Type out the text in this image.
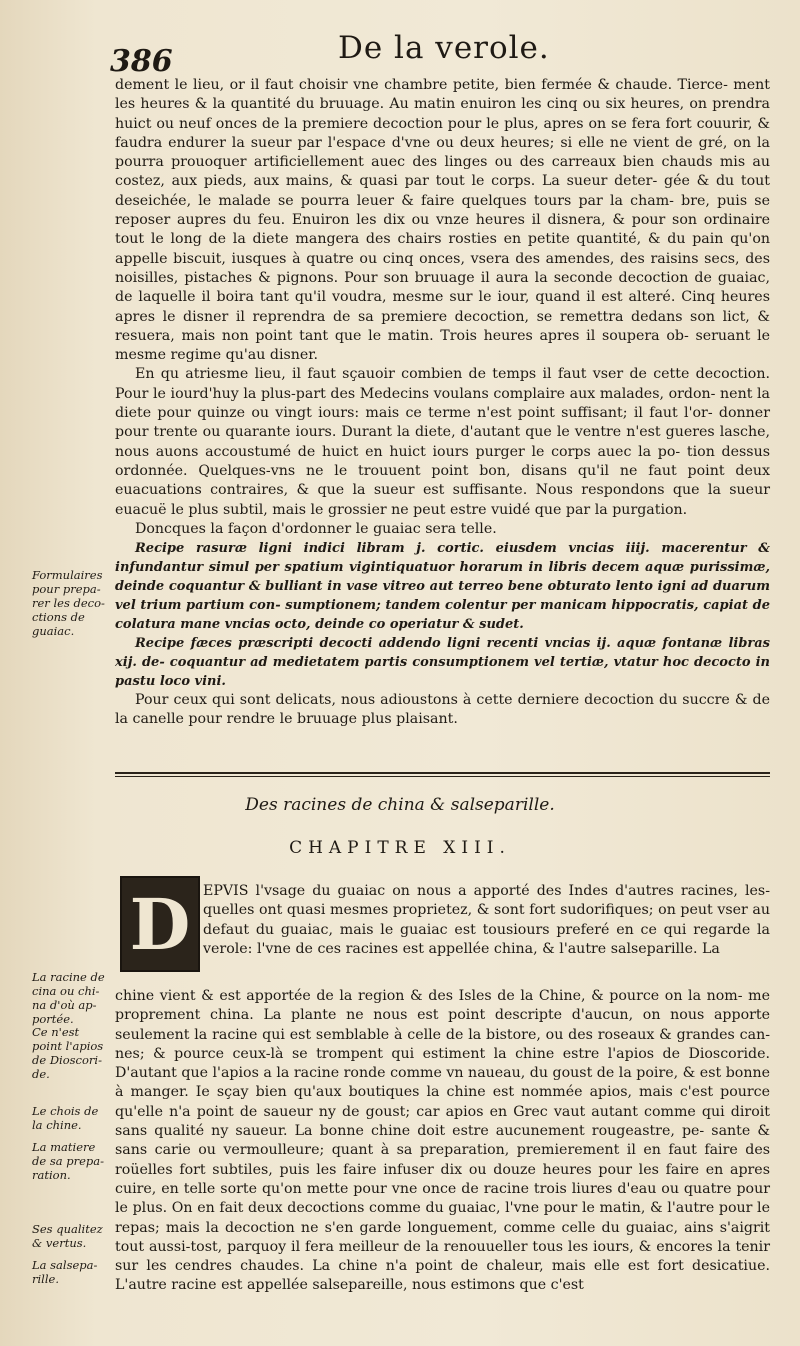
386	De la verole.

dement le lieu, or il faut choisir vne chambre petite, bien fermée & chaude. Tierce- ment les heures & la quantité du bruuage. Au matin enuiron les cinq ou six heures, on prendra huict ou neuf onces de la premiere decoction pour le plus, apres on se fera fort couurir, & faudra endurer la sueur par l'espace d'vne ou deux heures; si elle ne vient de gré, on la pourra prouoquer artificiellement auec des linges ou des carreaux bien chauds mis au costez, aux pieds, aux mains, & quasi par tout le corps. La sueur deter- gée & du tout deseichée, le malade se pourra leuer & faire quelques tours par la cham- bre, puis se reposer aupres du feu. Enuiron les dix ou vnze heures il disnera, & pour son ordinaire tout le long de la diete mangera des chairs rosties en petite quantité, & du pain qu'on appelle biscuit, iusques à quatre ou cinq onces, vsera des amendes, des raisins secs, des noisilles, pistaches & pignons. Pour son bruuage il aura la seconde decoction de guaiac, de laquelle il boira tant qu'il voudra, mesme sur le iour, quand il est alteré. Cinq heures apres le disner il reprendra de sa premiere decoction, se remettra dedans son lict, & resuera, mais non point tant que le matin. Trois heures apres il soupera ob- seruant le mesme regime qu'au disner.

En qu atriesme lieu, il faut sçauoir combien de temps il faut vser de cette decoction. Pour le iourd'huy la plus-part des Medecins voulans complaire aux malades, ordon- nent la diete pour quinze ou vingt iours: mais ce terme n'est point suffisant; il faut l'or- donner pour trente ou quarante iours. Durant la diete, d'autant que le ventre n'est gueres lasche, nous auons accoustumé de huict en huict iours purger le corps auec la po- tion dessus ordonnée. Quelques-vns ne le trouuent point bon, disans qu'il ne faut point deux euacuations contraires, & que la sueur est suffisante. Nous respondons que la sueur euacuë le plus subtil, mais le grossier ne peut estre vuidé que par la purgation.

Doncques la façon d'ordonner le guaiac sera telle.

Recipe rasuræ ligni indici libram j. cortic. eiusdem vncias iiij. macerentur & infundantur simul per spatium vigintiquatuor horarum in libris decem aquæ purissimæ, deinde coquantur & bulliant in vase vitreo aut terreo bene obturato lento igni ad duarum vel trium partium con- sumptionem; tandem colentur per manicam hippocratis, capiat de colatura mane vncias octo, deinde co operiatur & sudet.

Recipe fæces præscripti decocti addendo ligni recenti vncias ij. aquæ fontanæ libras xij. de- coquantur ad medietatem partis consumptionem vel tertiæ, vtatur hoc decocto in pastu loco vini.

Pour ceux qui sont delicats, nous adioustons à cette derniere decoction du succre & de la canelle pour rendre le bruuage plus plaisant.

Des racines de china & salseparille.
CHAPITRE XIII.
D EPVIS l'vsage du guaiac on nous a apporté des Indes d'autres racines, les- quelles ont quasi mesmes proprietez, & sont fort sudorifiques; on peut vser au defaut du guaiac, mais le guaiac est tousiours preferé en ce qui regarde la verole: l'vne de ces racines est appellée china, & l'autre salseparille. La

chine vient & est apportée de la region & des Isles de la Chine, & pource on la nom- me proprement china. La plante ne nous est point descripte d'aucun, on nous apporte seulement la racine qui est semblable à celle de la bistore, ou des roseaux & grandes can- nes; & pource ceux-là se trompent qui estiment la chine estre l'apios de Dioscoride. D'autant que l'apios a la racine ronde comme vn naueau, du goust de la poire, & est bonne à manger. Ie sçay bien qu'aux boutiques la chine est nommée apios, mais c'est pource qu'elle n'a point de saueur ny de goust; car apios en Grec vaut autant comme qui diroit sans qualité ny saueur. La bonne chine doit estre aucunement rougeastre, pe- sante & sans carie ou vermoulleure; quant à sa preparation, premierement il en faut faire des roüelles fort subtiles, puis les faire infuser dix ou douze heures pour les faire en apres cuire, en telle sorte qu'on mette pour vne once de racine trois liures d'eau ou quatre pour le plus. On en fait deux decoctions comme du guaiac, l'vne pour le matin, & l'autre pour le repas; mais la decoction ne s'en garde longuement, comme celle du guaiac, ains s'aigrit tout aussi-tost, parquoy il fera meilleur de la renouueller tous les iours, & encores la tenir sur les cendres chaudes. La chine n'a point de chaleur, mais elle est fort desicatiue. L'autre racine est appellée salsepareille, nous estimons que c'est

Formulaires pour prepa- rer les deco- ctions de guaiac.
La racine de cina ou chi- na d'où ap- portée.
Ce n'est point l'apios de Dioscori- de.
Le chois de la chine.
La matiere de sa prepa- ration.
Ses qualitez & vertus.
La salsepa- rille.
